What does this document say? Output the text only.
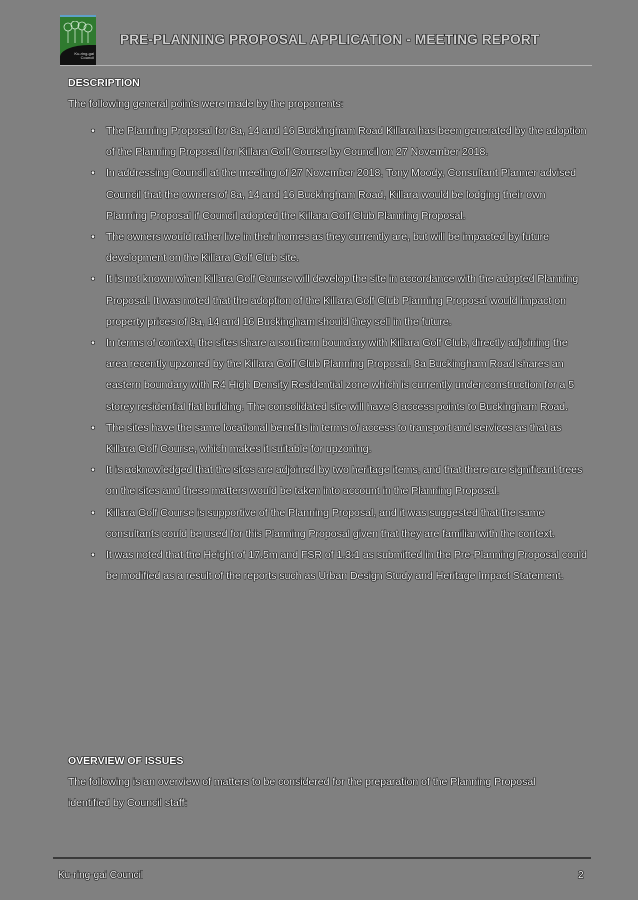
Ku-ring-gai
Council
PRE-PLANNING PROPOSAL APPLICATION - MEETING REPORT
DESCRIPTION
The following general points were made by the proponents:
•	The Planning Proposal for 8a, 14 and 16 Buckingham Road Killara has been generated by the adoption of the Planning Proposal for Killara Golf Course by Council on 27 November 2018.
•	In addressing Council at the meeting of 27 November 2018, Tony Moody, Consultant Planner advised Council that the owners of 8a, 14 and 16 Buckingham Road, Killara would be lodging their own Planning Proposal if Council adopted the Killara Golf Club Planning Proposal.
•	The owners would rather live in their homes as they currently are, but will be impacted by future development on the Killara Golf Club site.
•	It is not known when Killara Golf Course will develop the site in accordance with the adopted Planning Proposal. It was noted that the adoption of the Killara Golf Club Planning Proposal would impact on property prices of 8a, 14 and 16 Buckingham should they sell in the future.
•	In terms of context, the sites share a southern boundary with Killara Golf Club, directly adjoining the area recently upzoned by the Killara Golf Club Planning Proposal. 8a Buckingham Road shares an eastern boundary with R4 High Density Residential zone which is currently under construction for a 5 storey residential flat building. The consolidated site will have 3 access points to Buckingham Road.
•	The sites have the same locational benefits in terms of access to transport and services as that as Killara Golf Course, which makes it suitable for upzoning.
•	It is acknowledged that the sites are adjoined by two heritage items, and that there are significant trees on the sites and these matters would be taken into account in the Planning Proposal.
•	Killara Golf Course is supportive of the Planning Proposal, and it was suggested that the same consultants could be used for this Planning Proposal given that they are familiar with the context.
•	It was noted that the Height of 17.5m and FSR of 1.3:1 as submitted in the Pre-Planning Proposal could be modified as a result of the reports such as Urban Design Study and Heritage Impact Statement.
OVERVIEW OF ISSUES
The following is an overview of matters to be considered for the preparation of the Planning Proposal identified by Council staff:
Ku-ring-gai Council	2
